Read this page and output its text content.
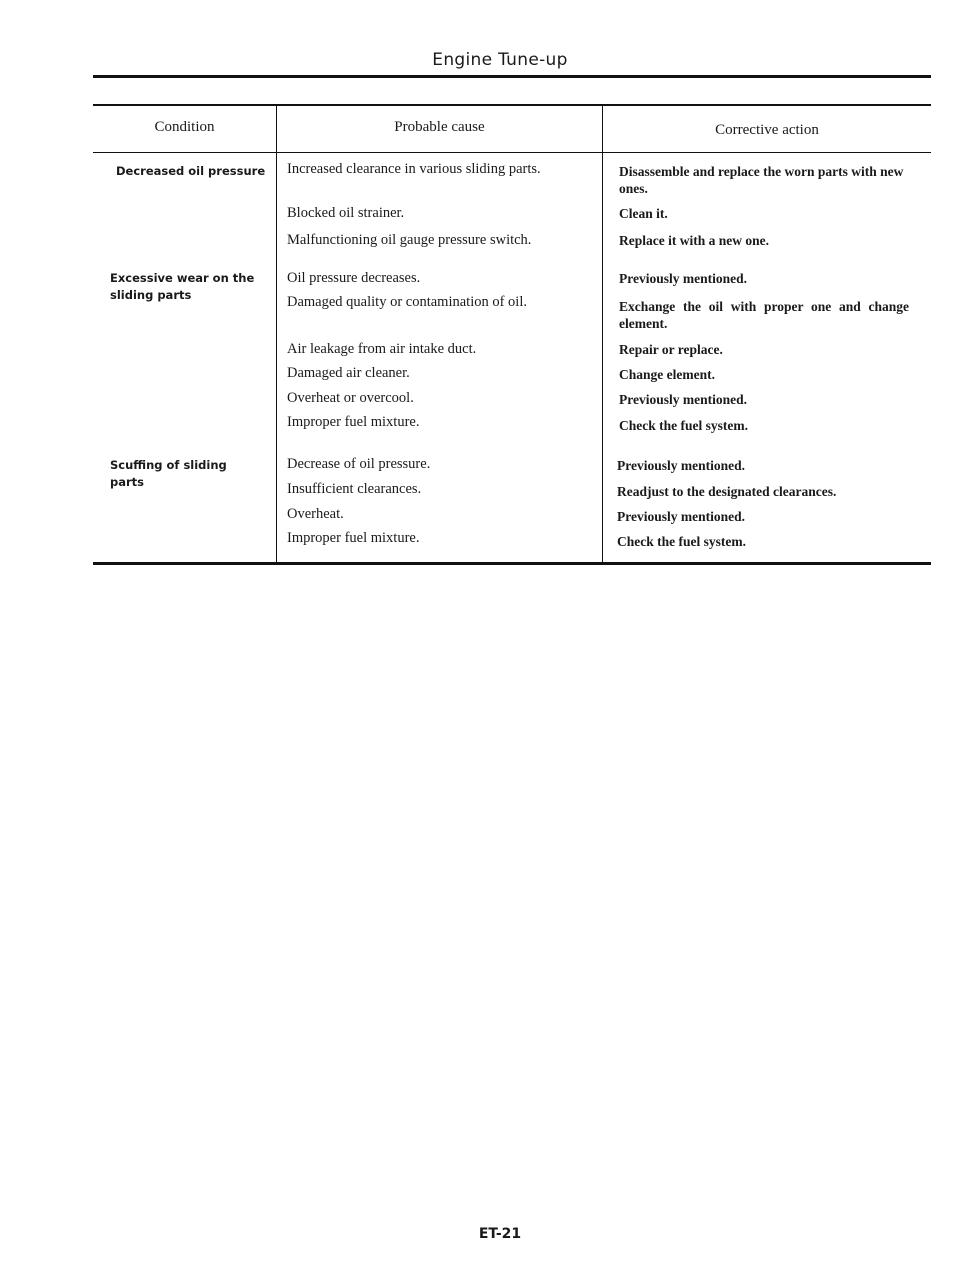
Engine Tune-up
Condition	Probable cause	Corrective action
Decreased oil pressure
Excessive wear on the sliding parts
Scuffing of sliding parts
Increased clearance in various sliding parts.
Blocked oil strainer.
Malfunctioning oil gauge pressure switch.
Oil pressure decreases.
Damaged quality or contamination of oil.
Air leakage from air intake duct.
Damaged air cleaner.
Overheat or overcool.
Improper fuel mixture.
Decrease of oil pressure.
Insufficient clearances.
Overheat.
Improper fuel mixture.
Disassemble and replace the worn parts with new ones.
Clean it.
Replace it with a new one.
Previously mentioned.
Exchange the oil with proper one and change element.
Repair or replace.
Change element.
Previously mentioned.
Check the fuel system.
Previously mentioned.
Readjust to the designated clearances.
Previously mentioned.
Check the fuel system.
ET-21
